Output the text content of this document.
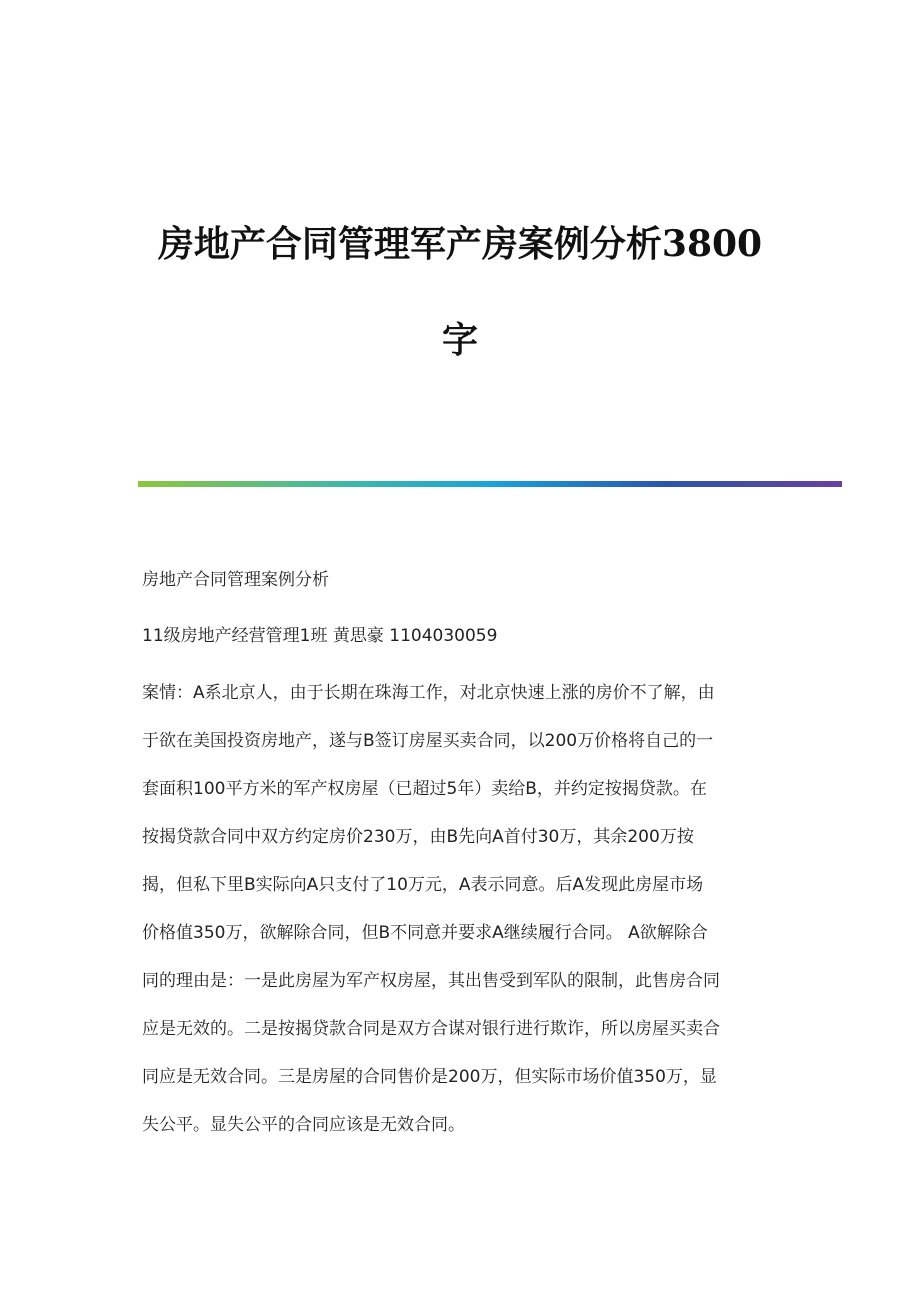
房地产合同管理军产房案例分析3800
字
房地产合同管理案例分析
11级房地产经营管理1班 黄思豪 1104030059
案情：A系北京人，由于长期在珠海工作，对北京快速上涨的房价不了解，由
于欲在美国投资房地产，遂与B签订房屋买卖合同，以200万价格将自己的一
套面积100平方米的军产权房屋（已超过5年）卖给B，并约定按揭贷款。在
按揭贷款合同中双方约定房价230万，由B先向A首付30万，其余200万按
揭，但私下里B实际向A只支付了10万元，A表示同意。后A发现此房屋市场
价格值350万，欲解除合同，但B不同意并要求A继续履行合同。 A欲解除合
同的理由是：一是此房屋为军产权房屋，其出售受到军队的限制，此售房合同
应是无效的。二是按揭贷款合同是双方合谋对银行进行欺诈，所以房屋买卖合
同应是无效合同。三是房屋的合同售价是200万，但实际市场价值350万，显
失公平。显失公平的合同应该是无效合同。
